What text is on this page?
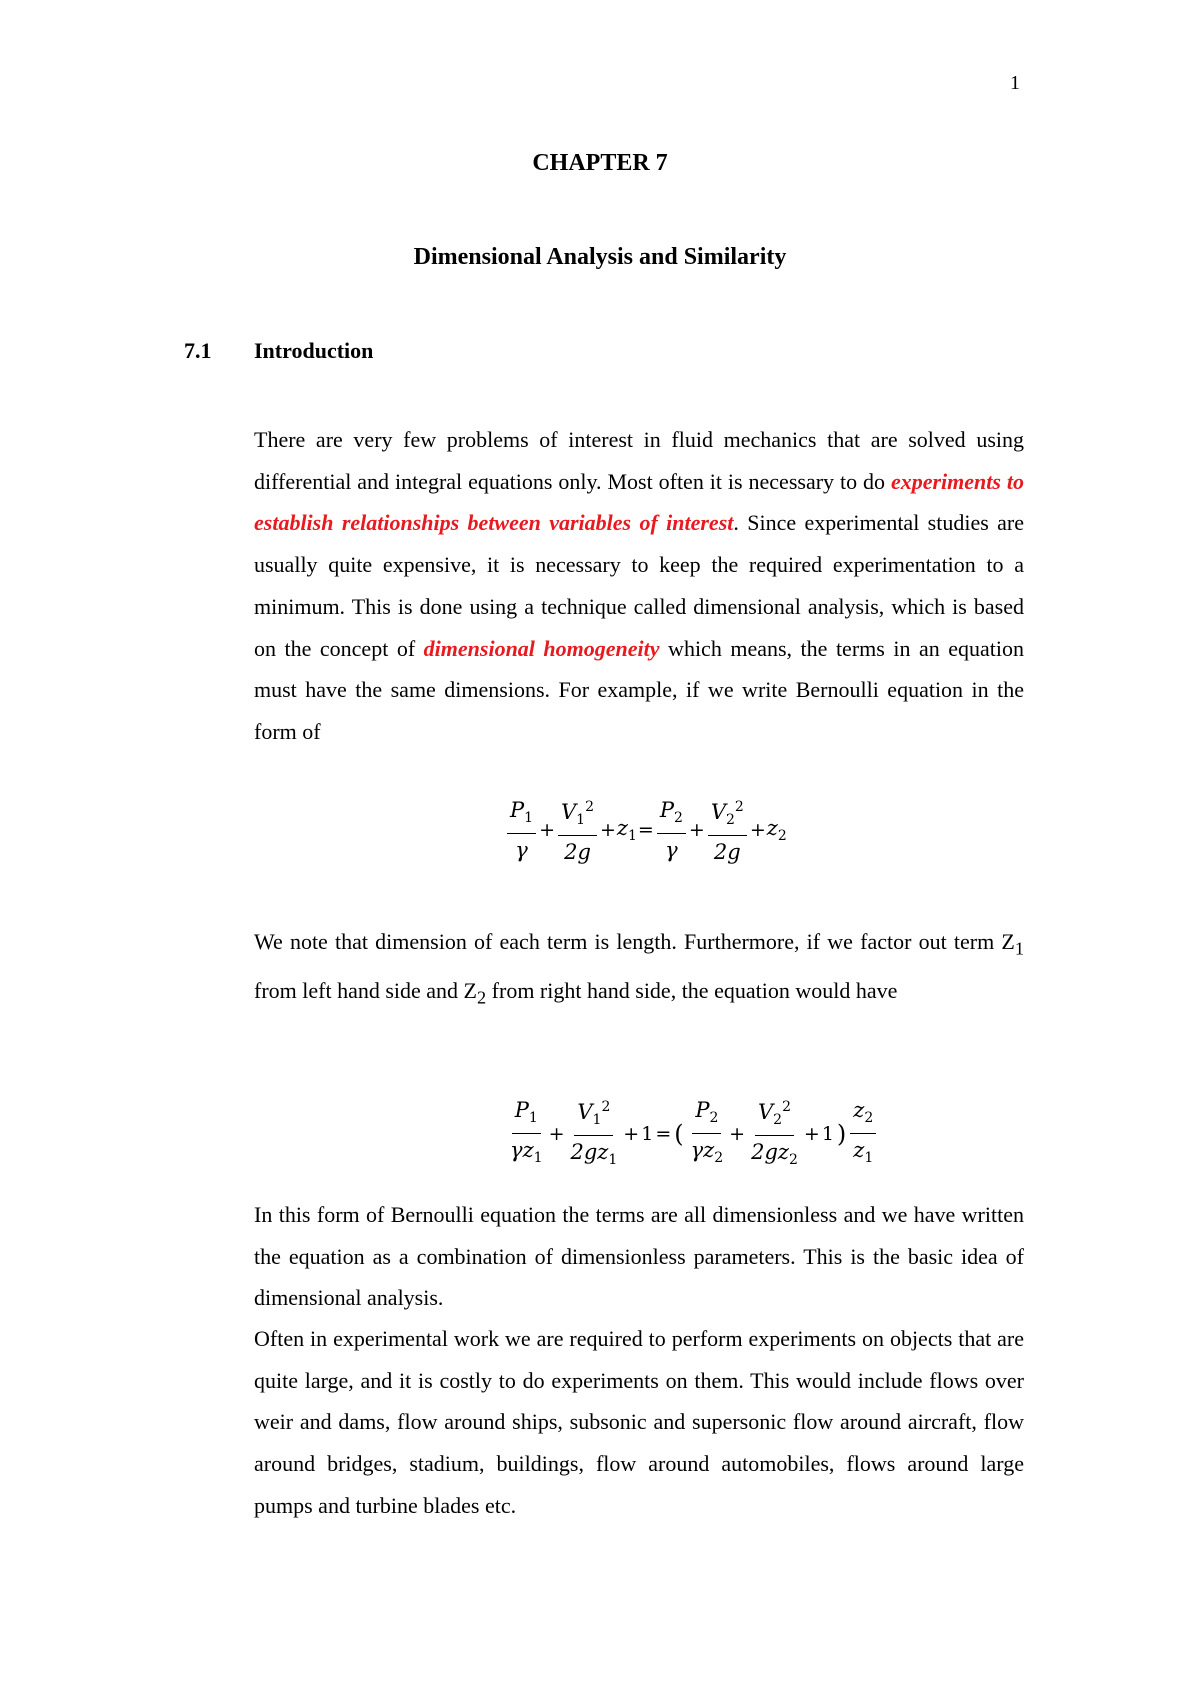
1
CHAPTER 7
Dimensional Analysis and Similarity
7.1 Introduction

There are very few problems of interest in fluid mechanics that are solved using differential and integral equations only. Most often it is necessary to do experiments to establish relationships between variables of interest. Since experimental studies are usually quite expensive, it is necessary to keep the required experimentation to a minimum. This is done using a technique called dimensional analysis, which is based on the concept of dimensional homogeneity which means, the terms in an equation must have the same dimensions. For example, if we write Bernoulli equation in the form of

$\frac{P_1}{\gamma} + \frac{V_1^2}{2g} + z_1 = \frac{P_2}{\gamma} + \frac{V_2^2}{2g} + z_2$

We note that dimension of each term is length. Furthermore, if we factor out term $Z_1$ from left hand side and $Z_2$ from right hand side, the equation would have

$\frac{P_1}{\gamma z_1} + \frac{V_1^2}{2gz_1} + 1$ = ( $\frac{P_2}{\gamma z_2} + \frac{V_2^2}{2gz_2} + 1$ ) $\frac{z_2}{z_1}$

In this form of Bernoulli equation the terms are all dimensionless and we have written the equation as a combination of dimensionless parameters. This is the basic idea of dimensional analysis.

Often in experimental work we are required to perform experiments on objects that are quite large, and it is costly to do experiments on them. This would include flows over weir and dams, flow around ships, subsonic and supersonic flow around aircraft, flow around bridges, stadium, buildings, flow around automobiles, flows around large pumps and turbine blades etc.
